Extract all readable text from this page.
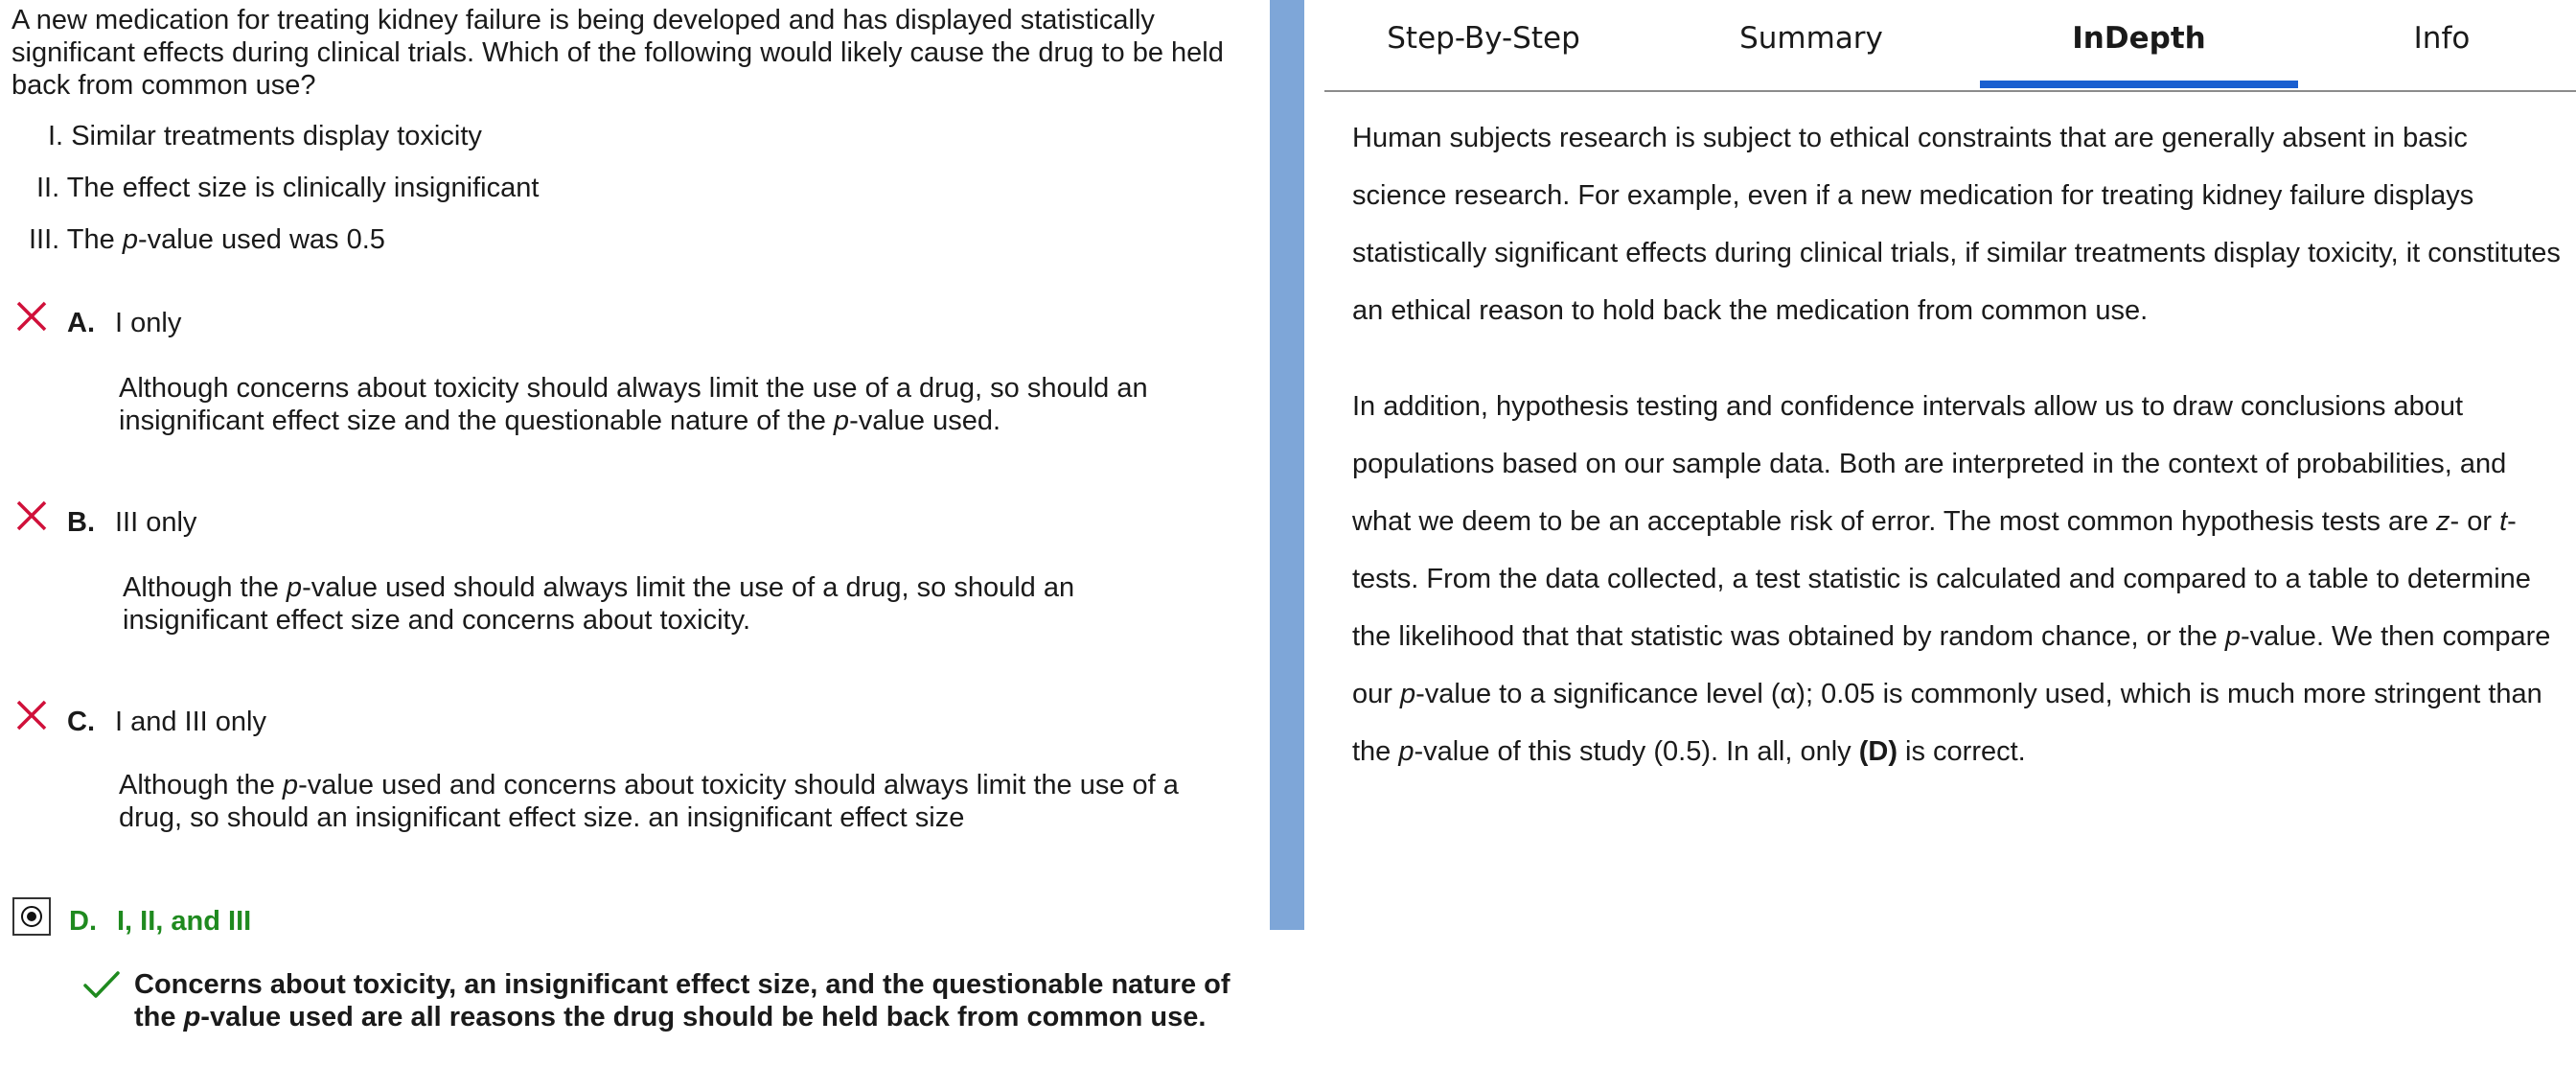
A new medication for treating kidney failure is being developed and has displayed statistically significant effects during clinical trials. Which of the following would likely cause the drug to be held back from common use?

I. Similar treatments display toxicity

II. The effect size is clinically insignificant

III. The p-value used was 0.5

A. I only

Although concerns about toxicity should always limit the use of a drug, so should an insignificant effect size and the questionable nature of the p-value used.

B. III only

Although the p-value used should always limit the use of a drug, so should an insignificant effect size and concerns about toxicity.

C. I and III only

Although the p-value used and concerns about toxicity should always limit the use of a drug, so should an insignificant effect size. an insignificant effect size

D. I, II, and III

Concerns about toxicity, an insignificant effect size, and the questionable nature of the p-value used are all reasons the drug should be held back from common use.

Step-By-Step	Summary	InDepth	Info

Human subjects research is subject to ethical constraints that are generally absent in basic science research. For example, even if a new medication for treating kidney failure displays statistically significant effects during clinical trials, if similar treatments display toxicity, it constitutes an ethical reason to hold back the medication from common use.

In addition, hypothesis testing and confidence intervals allow us to draw conclusions about populations based on our sample data. Both are interpreted in the context of probabilities, and what we deem to be an acceptable risk of error. The most common hypothesis tests are z- or t-tests. From the data collected, a test statistic is calculated and compared to a table to determine the likelihood that that statistic was obtained by random chance, or the p-value. We then compare our p-value to a significance level (α); 0.05 is commonly used, which is much more stringent than the p-value of this study (0.5). In all, only (D) is correct.
